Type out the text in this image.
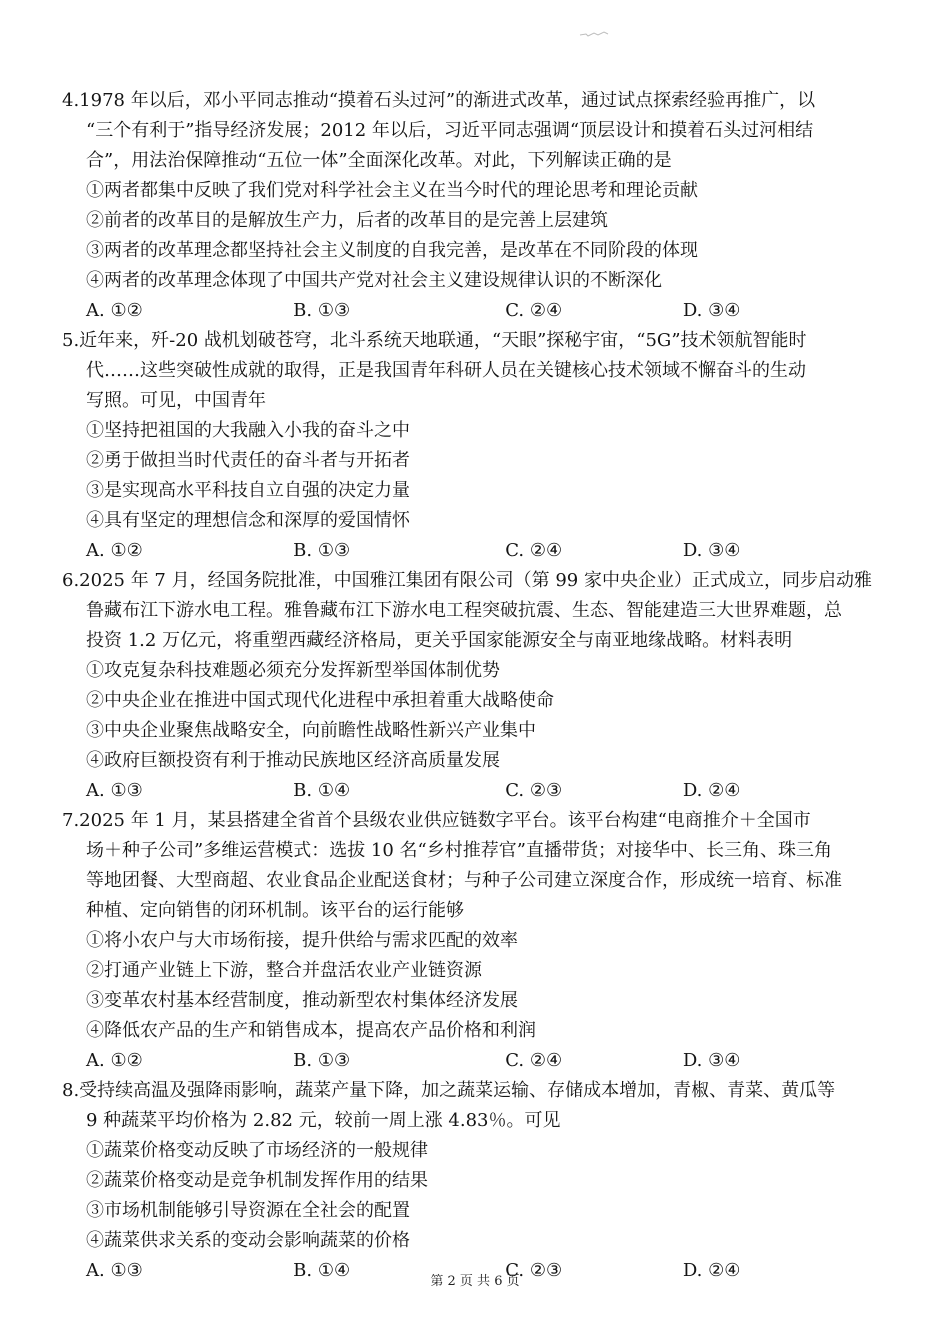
4.1978 年以后，邓小平同志推动“摸着石头过河”的渐进式改革，通过试点探索经验再推广，以
“三个有利于”指导经济发展；2012 年以后，习近平同志强调“顶层设计和摸着石头过河相结
合”，用法治保障推动“五位一体”全面深化改革。对此，下列解读正确的是
①两者都集中反映了我们党对科学社会主义在当今时代的理论思考和理论贡献
②前者的改革目的是解放生产力，后者的改革目的是完善上层建筑
③两者的改革理念都坚持社会主义制度的自我完善，是改革在不同阶段的体现
④两者的改革理念体现了中国共产党对社会主义建设规律认识的不断深化
A. ①②	B. ①③	C. ②④	D. ③④
5.近年来，歼-20 战机划破苍穹，北斗系统天地联通，“天眼”探秘宇宙，“5G”技术领航智能时
代……这些突破性成就的取得，正是我国青年科研人员在关键核心技术领域不懈奋斗的生动
写照。可见，中国青年
①坚持把祖国的大我融入小我的奋斗之中
②勇于做担当时代责任的奋斗者与开拓者
③是实现高水平科技自立自强的决定力量
④具有坚定的理想信念和深厚的爱国情怀
A. ①②	B. ①③	C. ②④	D. ③④
6.2025 年 7 月，经国务院批准，中国雅江集团有限公司（第 99 家中央企业）正式成立，同步启动雅
鲁藏布江下游水电工程。雅鲁藏布江下游水电工程突破抗震、生态、智能建造三大世界难题，总
投资 1.2 万亿元，将重塑西藏经济格局，更关乎国家能源安全与南亚地缘战略。材料表明
①攻克复杂科技难题必须充分发挥新型举国体制优势
②中央企业在推进中国式现代化进程中承担着重大战略使命
③中央企业聚焦战略安全，向前瞻性战略性新兴产业集中
④政府巨额投资有利于推动民族地区经济高质量发展
A. ①③	B. ①④	C. ②③	D. ②④
7.2025 年 1 月，某县搭建全省首个县级农业供应链数字平台。该平台构建“电商推介＋全国市
场＋种子公司”多维运营模式：选拔 10 名“乡村推荐官”直播带货；对接华中、长三角、珠三角
等地团餐、大型商超、农业食品企业配送食材；与种子公司建立深度合作，形成统一培育、标准
种植、定向销售的闭环机制。该平台的运行能够
①将小农户与大市场衔接，提升供给与需求匹配的效率
②打通产业链上下游，整合并盘活农业产业链资源
③变革农村基本经营制度，推动新型农村集体经济发展
④降低农产品的生产和销售成本，提高农产品价格和利润
A. ①②	B. ①③	C. ②④	D. ③④
8.受持续高温及强降雨影响，蔬菜产量下降，加之蔬菜运输、存储成本增加，青椒、青菜、黄瓜等
9 种蔬菜平均价格为 2.82 元，较前一周上涨 4.83％。可见
①蔬菜价格变动反映了市场经济的一般规律
②蔬菜价格变动是竞争机制发挥作用的结果
③市场机制能够引导资源在全社会的配置
④蔬菜供求关系的变动会影响蔬菜的价格
A. ①③	B. ①④	C. ②③	D. ②④
第 2 页 共 6 页
